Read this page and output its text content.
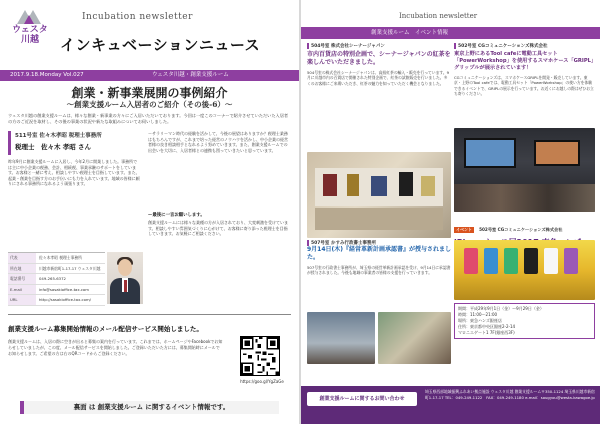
ウェスタ
川越
Incubation newsletter
インキュベーションニュース
2017.9.18.Monday Vol.027	ウェスタ川越・創業支援ルーム
創業・新事業展開の事例紹介
〜創業支援ルーム入居者のご紹介（その後-6）〜
ウェスタ川越の創業支援ルームは、様々な創業・新事業の方々にご入居いただいております。今回は一度このコーナーで紹介させていただいた入居者の方のご近況を取材し、その後の事業の状況や新たな取組みについてお伺いしました。
511号室 佐々木孝昭 税理士事務所
税理士　佐々木 孝昭 さん
昨年9月に創業支援ルームに入居し、今年2月に開業しました。事務所では主に中小企業の税務、会計、相続税、事業承継のサポートをしています。お客様と一緒に考え、相談しやすい税理士を目指しています。また、起業・創業を目指す方のお手伝いにも力を入れています。地域の皆様に頼りにされる事務所になれるよう頑張ります。
代表	佐々木孝昭 税理士事務所
所在地	川越市新宿町1-17-17 ウェスタ川越
電話番号	049-265-6372
E-mail	info@sasakioffice-tax.com
URL	http://sasakioffice-tax.com/
ーサラリーマン時代の経験を活かして、今後の展望はありますか？税理士業務はもちろんですが、これまで培った経営のノウハウを活かし、中小企業の経営者様の良き相談相手となれるよう努めていきます。また、創業支援ルームでの出会いを大切に、入居者様との連携も図っていきたいと思っています。
ー最後に一言お願いします。
創業支援ルームには様々な業種の方が入居されており、大変刺激を受けています。相談しやすい雰囲気づくりに心がけて、お客様に寄り添った税理士を目指していきます。お気軽にご相談ください。
創業支援ルーム募集開始情報のメール配信サービス開始しました。
創業支援ルームは、入居の際に空きが出ると募集の案内を行っています。これまでは、ホームページやFacebookでお知らせしていましたが、この度、メール配信サービスを開始しました。ご登録いただいた方には、募集開始時にメールでお知らせします。ご希望の方は右のQRコードからご登録ください。
https://goo.gl/YgZaGe
裏面 は 創業支援ルーム に関するイベント情報です。
Incubation newsletter
創業支援ルーム　イベント情報
504号室 株式会社シーナージャパン
市内百貨店の特別企画で、シーナージャパンの紅茶を楽しんでいただきました。
504号室の株式会社シーナージャパンは、高級紅茶の輸入・販売を行っています。9月に川越市内の百貨店で開催された特別企画で、紅茶の試飲販売を行いました。多くのお客様にご来場いただき、紅茶の魅力を知っていただく機会となりました。
502号室 CGコミュニケーションズ株式会社
東京上野にあるTool cafeに電動工具セット「PowerWorkshop」を使用するスマホケース「GRIPL」グリップルが展示されています！
CGコミュニケーションズは、スマホケースGRIPLを開発・販売しています。東京・上野のTool cafeでは、電動工具セット「PowerWorkshop」の使い方を体験できるイベントで、GRIPLの展示を行っています。お近くにお越しの際はぜひお立ち寄りください。
507号室 かすみ行政書士事務所
9月14日(木)『経営革新計画承認書』が授与されました。
507号室の行政書士事務所が、埼玉県の経営革新計画承認を受け、9月14日に承認書が授与されました。今後も地域の事業者の皆様の支援を行っていきます。
イベント 502号室 CGコミュニケーションズ株式会社
期間：平成29年9月1日（金）〜9月29日（金）
時間：11:00〜21:00
場所：東急ハンズ銀座店
住所：東京都中央区銀座2-2-14
マロニエゲート1 7F(銀座西3F)
創業支援ルームに関するお問い合わせ
埼玉県西部地域振興ふれあい拠点施設 ウェスタ川越 創業支援ルーム〒350-1124 埼玉県川越市新宿町1-17-17 TEL：049-249-1122　FAX：049-249-1180 e-mail：sougyou@westa-kawagoe.jp
